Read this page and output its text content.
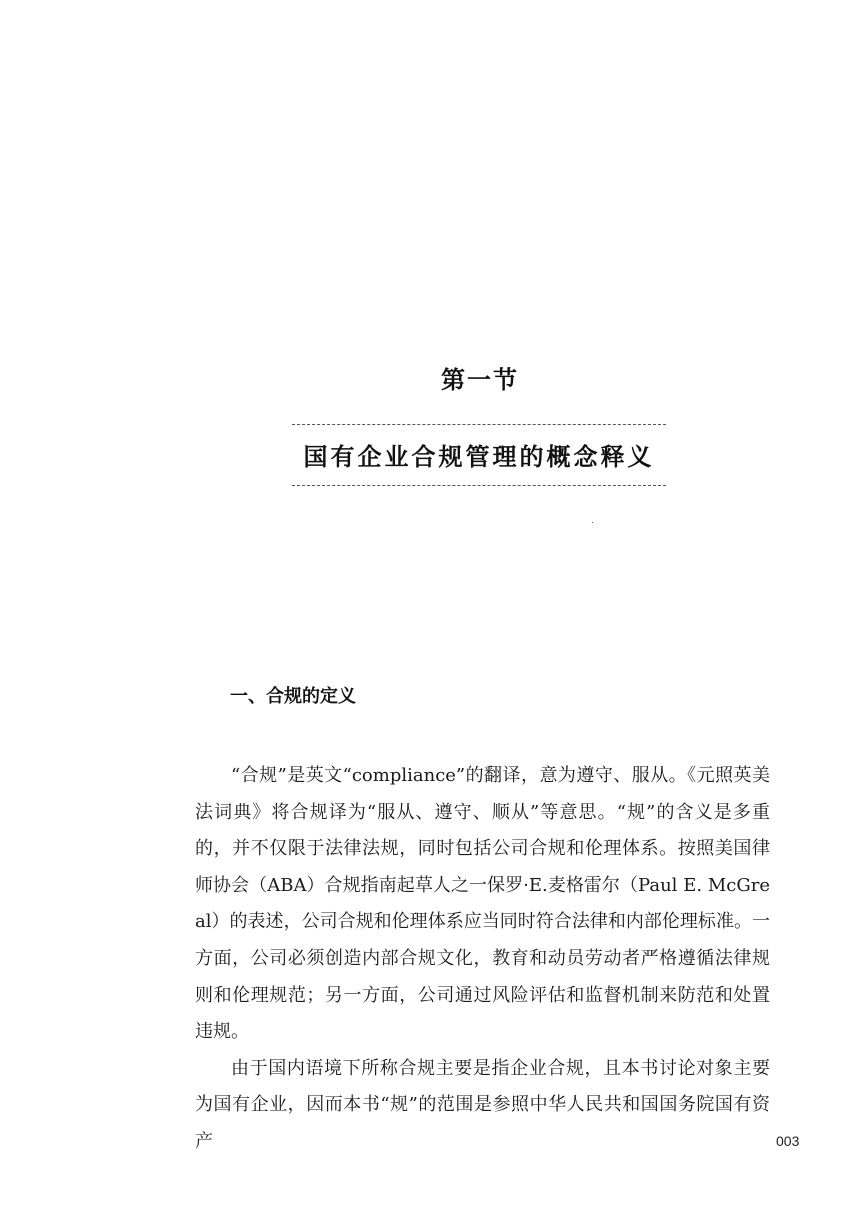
第一节
国有企业合规管理的概念释义
一、合规的定义

“合规”是英文“compliance”的翻译，意为遵守、服从。《元照英美法词典》将合规译为“服从、遵守、顺从”等意思。“规”的含义是多重的，并不仅限于法律法规，同时包括公司合规和伦理体系。按照美国律师协会（ABA）合规指南起草人之一保罗·E.麦格雷尔（Paul E. McGreal）的表述，公司合规和伦理体系应当同时符合法律和内部伦理标准。一方面，公司必须创造内部合规文化，教育和动员劳动者严格遵循法律规则和伦理规范；另一方面，公司通过风险评估和监督机制来防范和处置违规。

由于国内语境下所称合规主要是指企业合规，且本书讨论对象主要为国有企业，因而本书“规”的范围是参照中华人民共和国国务院国有资产	003
